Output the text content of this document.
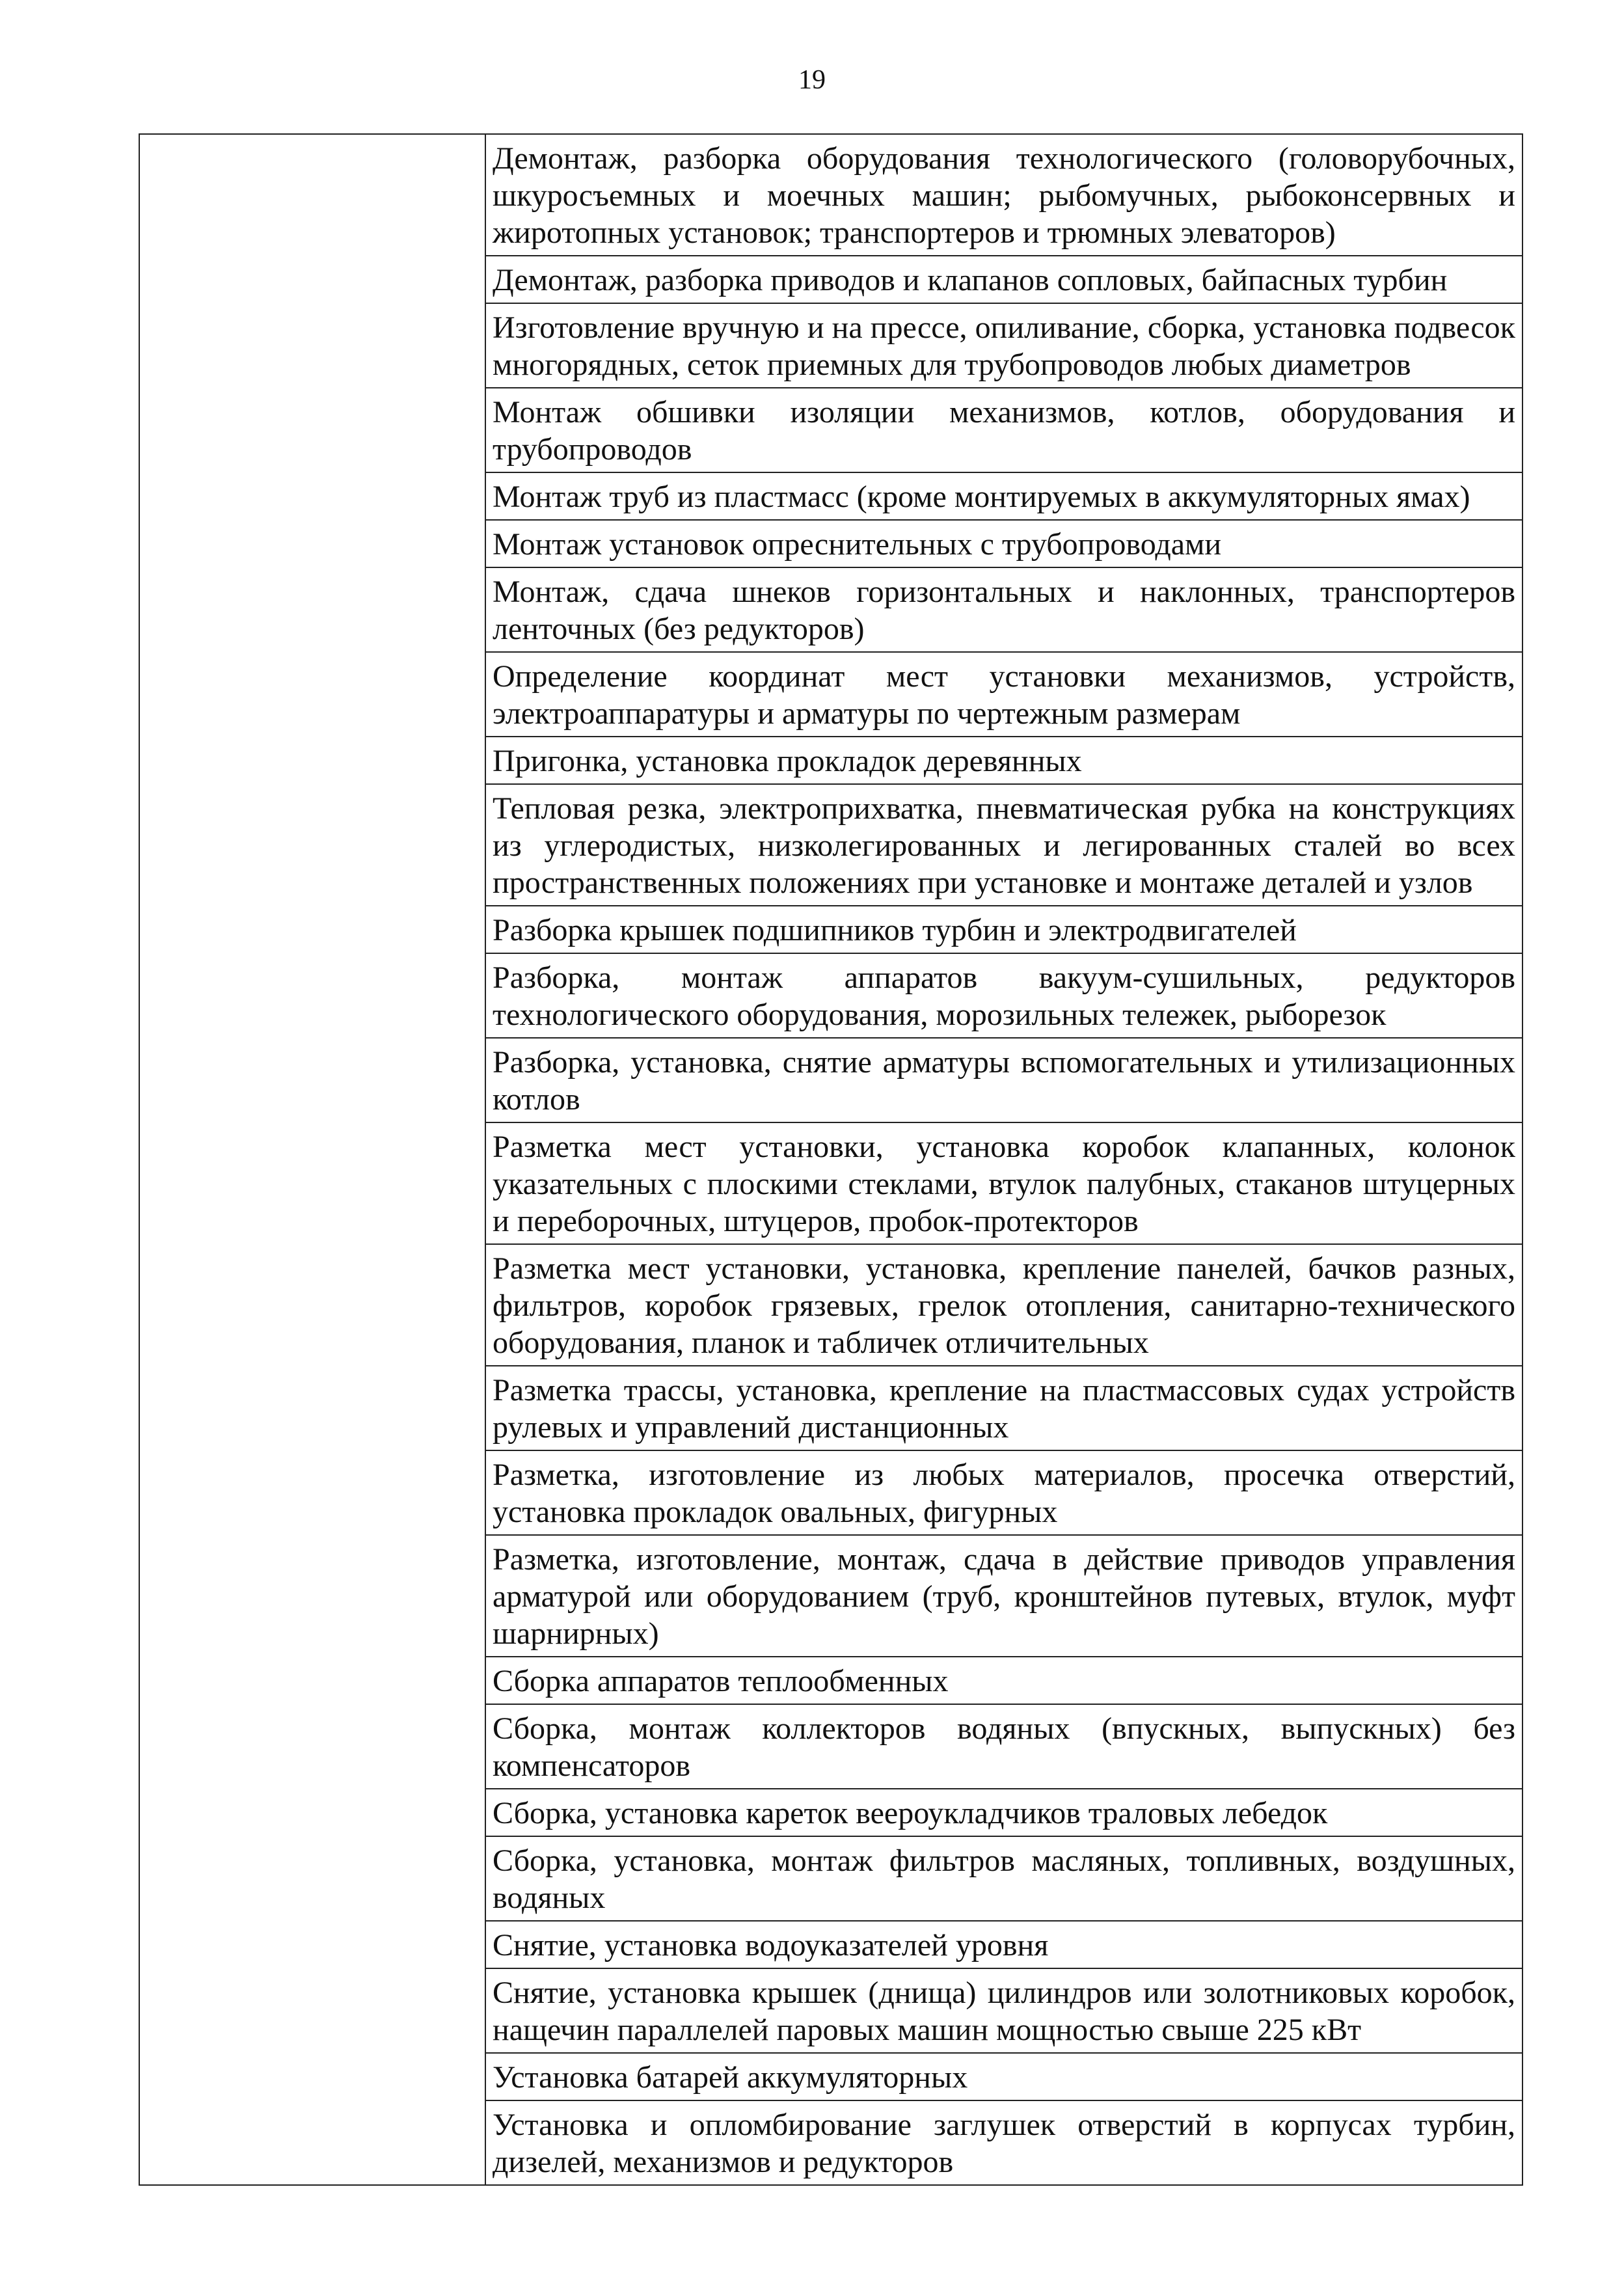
19

Демонтаж, разборка оборудования технологического (головорубочных, шкуросъемных и моечных машин; рыбомучных, рыбоконсервных и жиротопных установок; транспортеров и трюмных элеваторов)

Демонтаж, разборка приводов и клапанов сопловых, байпасных турбин

Изготовление вручную и на прессе, опиливание, сборка, установка подвесок многорядных, сеток приемных для трубопроводов любых диаметров

Монтаж обшивки изоляции механизмов, котлов, оборудования и трубопроводов

Монтаж труб из пластмасс (кроме монтируемых в аккумуляторных ямах)

Монтаж установок опреснительных с трубопроводами

Монтаж, сдача шнеков горизонтальных и наклонных, транспортеров ленточных (без редукторов)

Определение координат мест установки механизмов, устройств, электроаппаратуры и арматуры по чертежным размерам

Пригонка, установка прокладок деревянных

Тепловая резка, электроприхватка, пневматическая рубка на конструкциях из углеродистых, низколегированных и легированных сталей во всех пространственных положениях при установке и монтаже деталей и узлов

Разборка крышек подшипников турбин и электродвигателей

Разборка, монтаж аппаратов вакуум-сушильных, редукторов технологического оборудования, морозильных тележек, рыборезок

Разборка, установка, снятие арматуры вспомогательных и утилизационных котлов

Разметка мест установки, установка коробок клапанных, колонок указательных с плоскими стеклами, втулок палубных, стаканов штуцерных и переборочных, штуцеров, пробок-протекторов

Разметка мест установки, установка, крепление панелей, бачков разных, фильтров, коробок грязевых, грелок отопления, санитарно-технического оборудования, планок и табличек отличительных

Разметка трассы, установка, крепление на пластмассовых судах устройств рулевых и управлений дистанционных

Разметка, изготовление из любых материалов, просечка отверстий, установка прокладок овальных, фигурных

Разметка, изготовление, монтаж, сдача в действие приводов управления арматурой или оборудованием (труб, кронштейнов путевых, втулок, муфт шарнирных)

Сборка аппаратов теплообменных

Сборка, монтаж коллекторов водяных (впускных, выпускных) без компенсаторов

Сборка, установка кареток веероукладчиков траловых лебедок

Сборка, установка, монтаж фильтров масляных, топливных, воздушных, водяных

Снятие, установка водоуказателей уровня

Снятие, установка крышек (днища) цилиндров или золотниковых коробок, нащечин параллелей паровых машин мощностью свыше 225 кВт

Установка батарей аккумуляторных

Установка и опломбирование заглушек отверстий в корпусах турбин, дизелей, механизмов и редукторов
